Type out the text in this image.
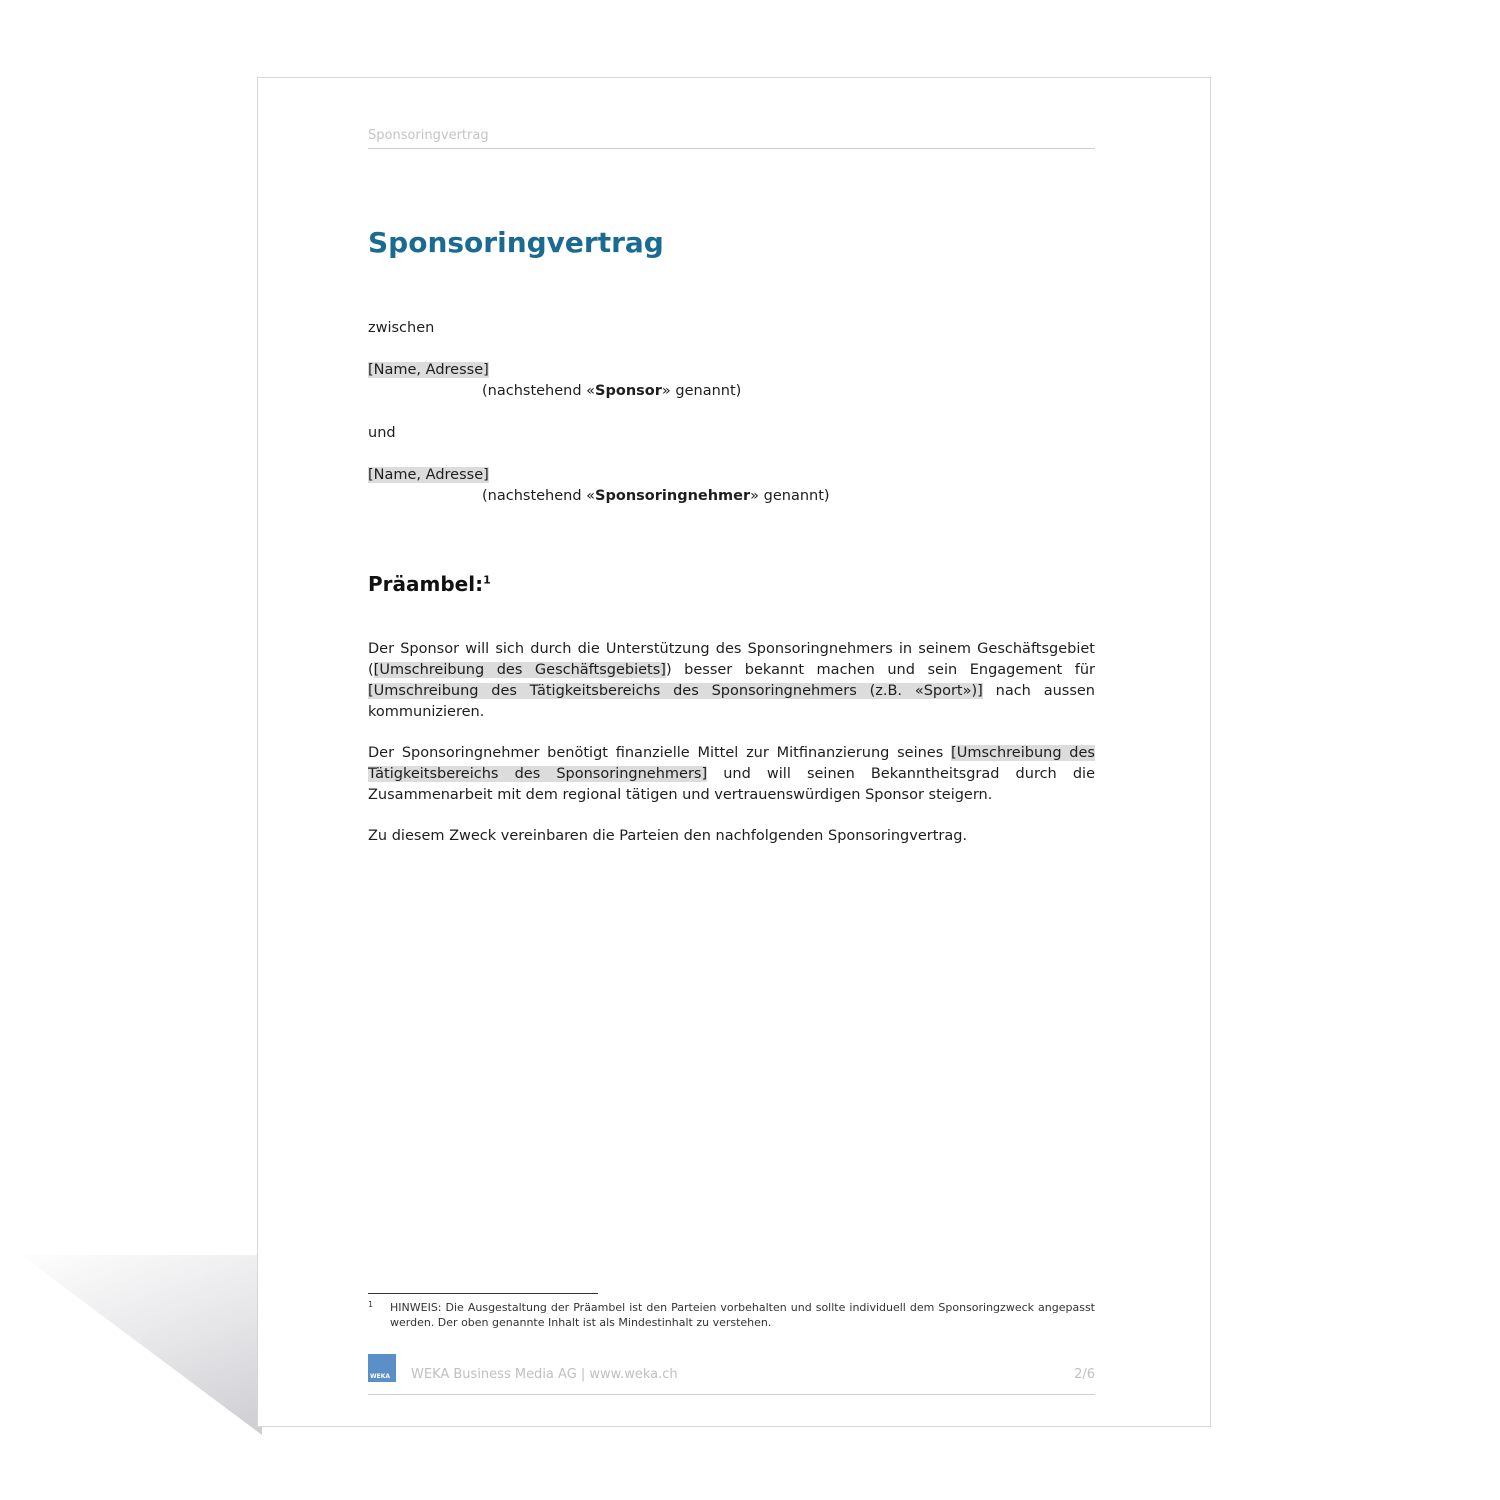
Sponsoringvertrag
Sponsoringvertrag
zwischen
[Name, Adresse]
(nachstehend «Sponsor» genannt)
und
[Name, Adresse]
(nachstehend «Sponsoringnehmer» genannt)
Präambel:$^1$

Der Sponsor will sich durch die Unterstützung des Sponsoringnehmers in seinem Geschäftsgebiet ([Umschreibung des Geschäftsgebiets]) besser bekannt machen und sein Engagement für [Umschreibung des Tätigkeitsbereichs des Sponsoringnehmers (z.B. «Sport»)] nach aussen kommunizieren.

Der Sponsoringnehmer benötigt finanzielle Mittel zur Mitfinanzierung seines [Umschreibung des Tätigkeitsbereichs des Sponsoringnehmers] und will seinen Bekanntheitsgrad durch die Zusammenarbeit mit dem regional tätigen und vertrauenswürdigen Sponsor steigern.

Zu diesem Zweck vereinbaren die Parteien den nachfolgenden Sponsoringvertrag.

1	HINWEIS: Die Ausgestaltung der Präambel ist den Parteien vorbehalten und sollte individuell dem Sponsoringzweck angepasst werden. Der oben genannte Inhalt ist als Mindestinhalt zu verstehen.
WEKA WEKA Business Media AG | www.weka.ch	2/6
